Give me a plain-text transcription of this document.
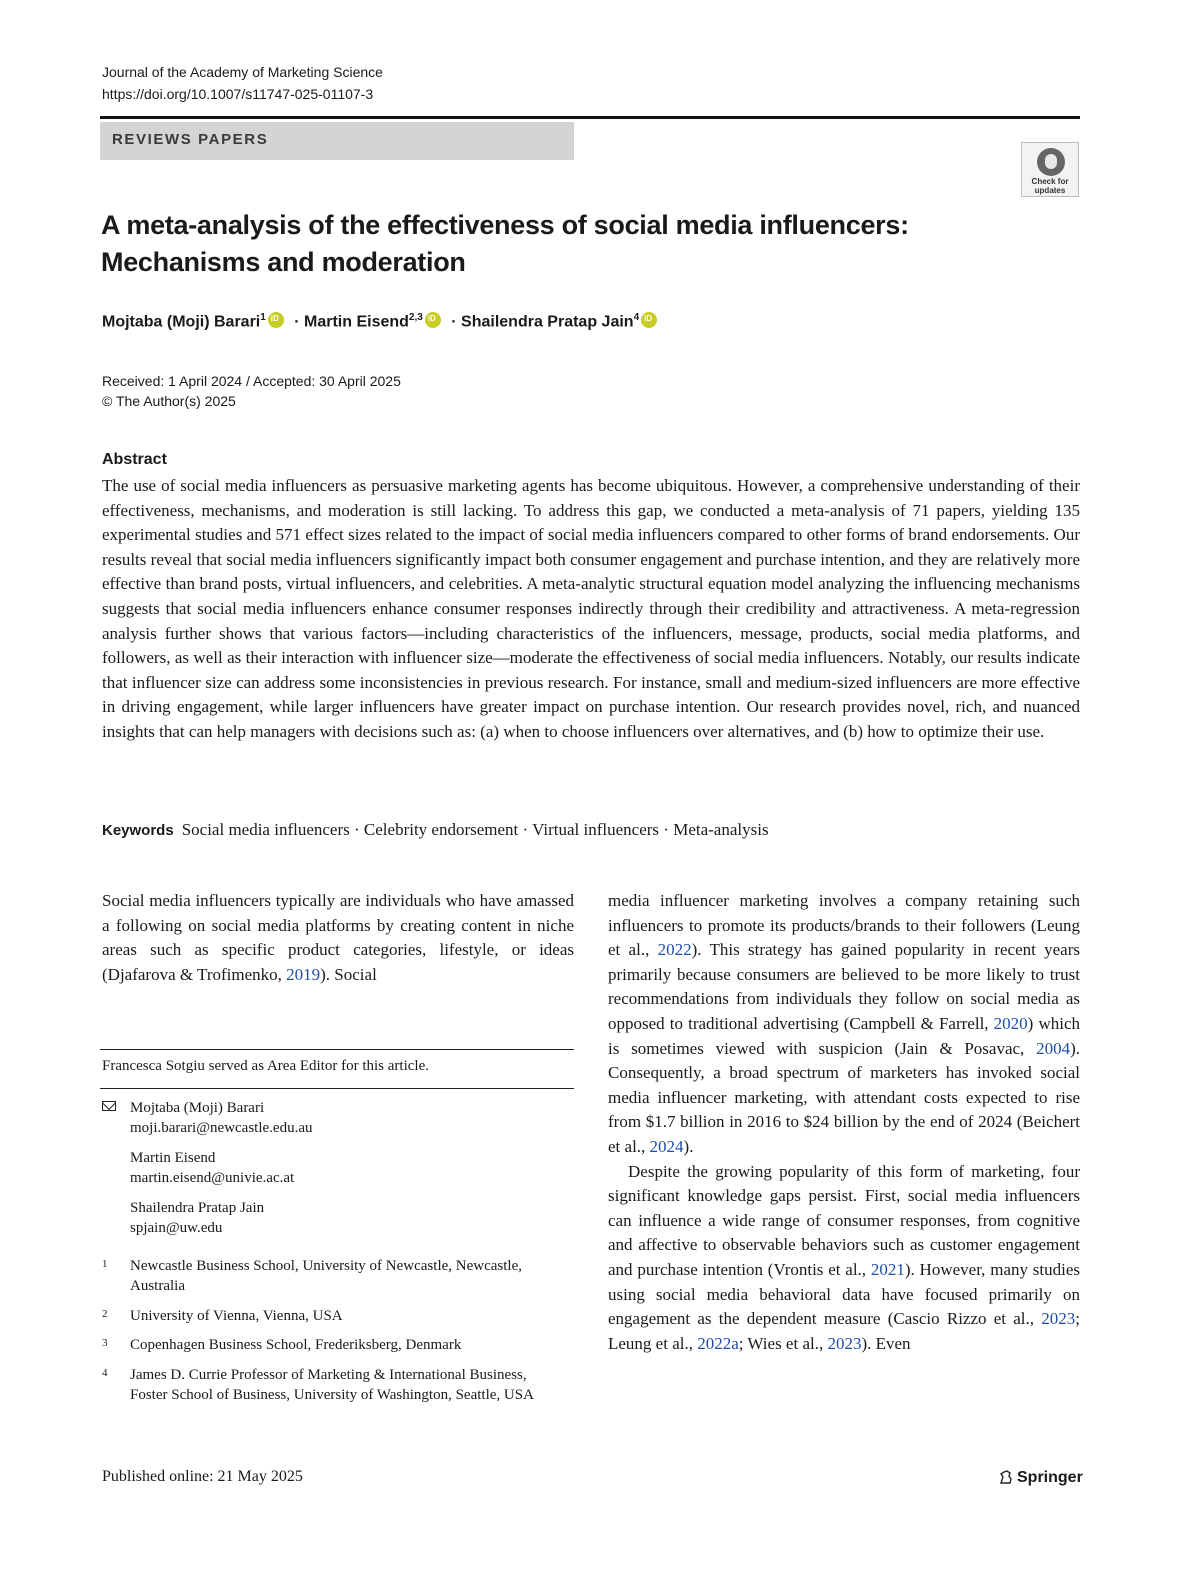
Journal of the Academy of Marketing Science
https://doi.org/10.1007/s11747-025-01107-3
REVIEWS PAPERS
Check for updates
A meta-analysis of the effectiveness of social media influencers:
Mechanisms and moderation
Mojtaba (Moji) Barari$^1$iD · Martin Eisend$^{2,3}$iD · Shailendra Pratap Jain$^4$iD
Received: 1 April 2024 / Accepted: 30 April 2025
© The Author(s) 2025
Abstract
The use of social media influencers as persuasive marketing agents has become ubiquitous. However, a comprehensive understanding of their effectiveness, mechanisms, and moderation is still lacking. To address this gap, we conducted a meta-analysis of 71 papers, yielding 135 experimental studies and 571 effect sizes related to the impact of social media influencers compared to other forms of brand endorsements. Our results reveal that social media influencers significantly impact both consumer engagement and purchase intention, and they are relatively more effective than brand posts, virtual influencers, and celebrities. A meta-analytic structural equation model analyzing the influencing mechanisms suggests that social media influencers enhance consumer responses indirectly through their credibility and attractiveness. A meta-regression analysis further shows that various factors—including characteristics of the influencers, message, products, social media platforms, and followers, as well as their interaction with influencer size—moderate the effectiveness of social media influencers. Notably, our results indicate that influencer size can address some inconsistencies in previous research. For instance, small and medium-sized influencers are more effective in driving engagement, while larger influencers have greater impact on purchase intention. Our research provides novel, rich, and nuanced insights that can help managers with decisions such as: (a) when to choose influencers over alternatives, and (b) how to optimize their use.
Keywords Social media influencers · Celebrity endorsement · Virtual influencers · Meta-analysis

Social media influencers typically are individuals who have amassed a following on social media platforms by creating content in niche areas such as specific product categories, lifestyle, or ideas (Djafarova & Trofimenko, 2019). Social

media influencer marketing involves a company retaining such influencers to promote its products/brands to their followers (Leung et al., 2022). This strategy has gained popularity in recent years primarily because consumers are believed to be more likely to trust recommendations from individuals they follow on social media as opposed to traditional advertising (Campbell & Farrell, 2020) which is sometimes viewed with suspicion (Jain & Posavac, 2004). Consequently, a broad spectrum of marketers has invoked social media influencer marketing, with attendant costs expected to rise from $1.7 billion in 2016 to $24 billion by the end of 2024 (Beichert et al., 2024).

Despite the growing popularity of this form of marketing, four significant knowledge gaps persist. First, social media influencers can influence a wide range of consumer responses, from cognitive and affective to observable behaviors such as customer engagement and purchase intention (Vrontis et al., 2021). However, many studies using social media behavioral data have focused primarily on engagement as the dependent measure (Cascio Rizzo et al., 2023; Leung et al., 2022a; Wies et al., 2023). Even

Francesca Sotgiu served as Area Editor for this article.
Mojtaba (Moji) Barari
moji.barari@newcastle.edu.au
Martin Eisend
martin.eisend@univie.ac.at
Shailendra Pratap Jain
spjain@uw.edu
1 Newcastle Business School, University of Newcastle, Newcastle, Australia
2 University of Vienna, Vienna, USA
3 Copenhagen Business School, Frederiksberg, Denmark
4 James D. Currie Professor of Marketing & International Business, Foster School of Business, University of Washington, Seattle, USA
Published online: 21 May 2025	Springer
